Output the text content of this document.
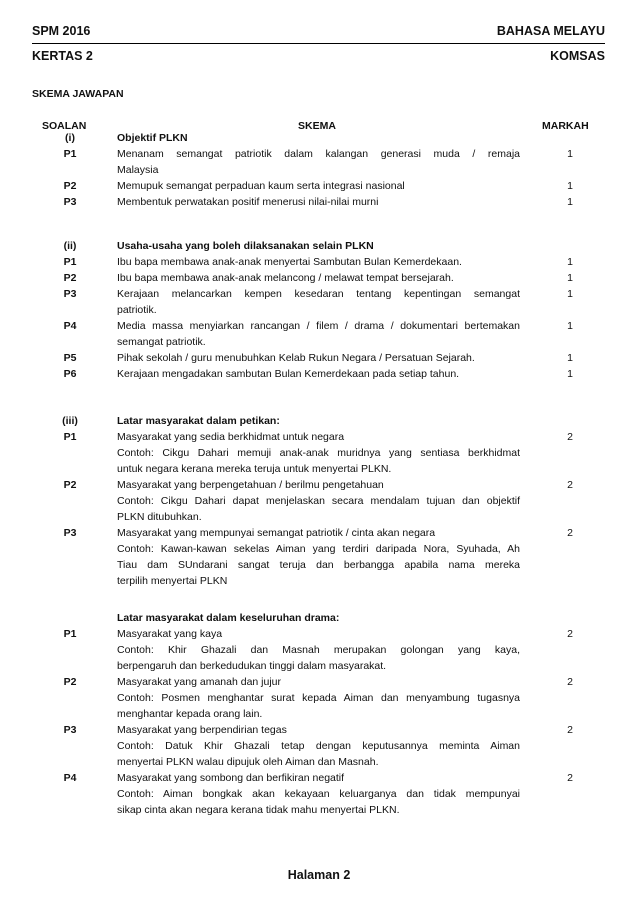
SPM 2016	BAHASA MELAYU
KERTAS 2	KOMSAS
SKEMA JAWAPAN
SOALAN	SKEMA	MARKAH
(i)	Objektif PLKN
P1	Menanam semangat patriotik dalam kalangan generasi muda / remaja	1
Malaysia
P2	Memupuk semangat perpaduan kaum serta integrasi nasional	1
P3	Membentuk perwatakan positif menerusi nilai-nilai murni	1
(ii)	Usaha-usaha yang boleh dilaksanakan selain PLKN
P1	Ibu bapa membawa anak-anak menyertai Sambutan Bulan Kemerdekaan.	1
P2	Ibu bapa membawa anak-anak melancong / melawat tempat bersejarah.	1
P3	Kerajaan melancarkan kempen kesedaran tentang kepentingan semangat	1
patriotik.
P4	Media massa menyiarkan rancangan / filem / drama / dokumentari bertemakan	1
semangat patriotik.
P5	Pihak sekolah / guru menubuhkan Kelab Rukun Negara / Persatuan Sejarah.	1
P6	Kerajaan mengadakan sambutan Bulan Kemerdekaan pada setiap tahun.	1
(iii)	Latar masyarakat dalam petikan:
P1	Masyarakat yang sedia berkhidmat untuk negara	2
Contoh: Cikgu Dahari memuji anak-anak muridnya yang sentiasa berkhidmat
untuk negara kerana mereka teruja untuk menyertai PLKN.
P2	Masyarakat yang berpengetahuan / berilmu pengetahuan	2
Contoh: Cikgu Dahari dapat menjelaskan secara mendalam tujuan dan objektif
PLKN ditubuhkan.
P3	Masyarakat yang mempunyai semangat patriotik / cinta akan negara	2
Contoh: Kawan-kawan sekelas Aiman yang terdiri daripada Nora, Syuhada, Ah
Tiau dam SUndarani sangat teruja dan berbangga apabila nama mereka
terpilih menyertai PLKN
Latar masyarakat dalam keseluruhan drama:
P1	Masyarakat yang kaya	2
Contoh: Khir Ghazali dan Masnah merupakan golongan yang kaya,
berpengaruh dan berkedudukan tinggi dalam masyarakat.
P2	Masyarakat yang amanah dan jujur	2
Contoh: Posmen menghantar surat kepada Aiman dan menyambung tugasnya
menghantar kepada orang lain.
P3	Masyarakat yang berpendirian tegas	2
Contoh: Datuk Khir Ghazali tetap dengan keputusannya meminta Aiman
menyertai PLKN walau dipujuk oleh Aiman dan Masnah.
P4	Masyarakat yang sombong dan berfikiran negatif	2
Contoh: Aiman bongkak akan kekayaan keluarganya dan tidak mempunyai
sikap cinta akan negara kerana tidak mahu menyertai PLKN.
Halaman 2
